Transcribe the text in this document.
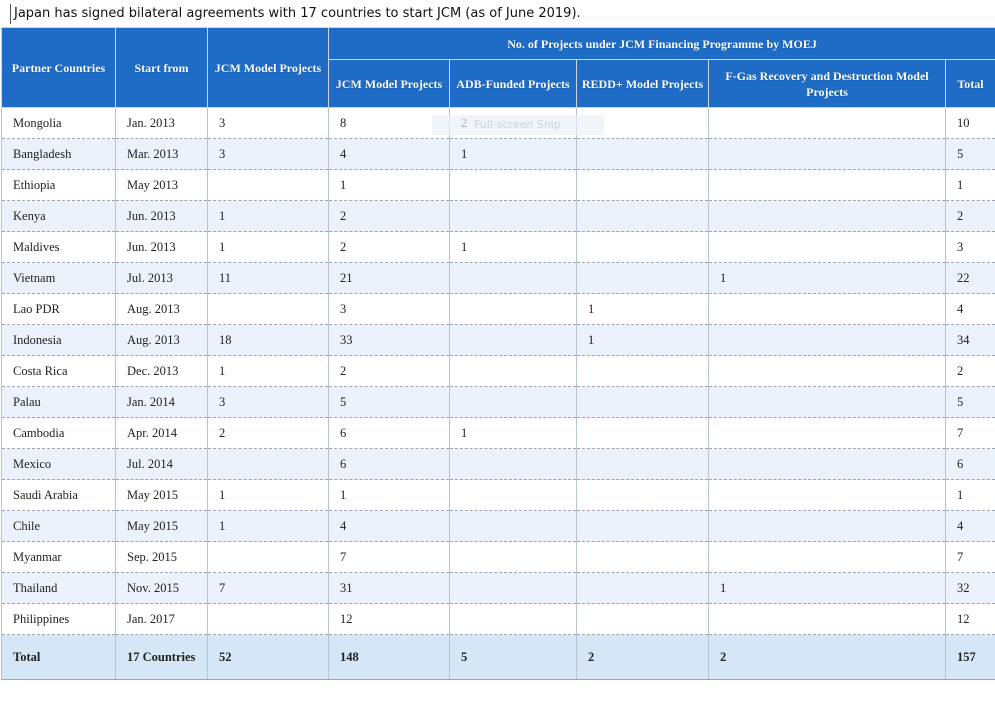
Japan has signed bilateral agreements with 17 countries to start JCM (as of June 2019).
Partner Countries	Start from	JCM Model Projects	No. of Projects under JCM Financing Programme by MOEJ				
			JCM Model Projects	ADB-Funded Projects	REDD+ Model Projects	F-Gas Recovery and Destruction Model Projects	Total
Mongolia	Jan. 2013	3	8				10
Bangladesh	Mar. 2013	3	4	1			5
Ethiopia	May 2013		1				1
Kenya	Jun. 2013	1	2				2
Maldives	Jun. 2013	1	2	1			3
Vietnam	Jul. 2013	11	21			1	22
Lao PDR	Aug. 2013		3		1		4
Indonesia	Aug. 2013	18	33		1		34
Costa Rica	Dec. 2013	1	2				2
Palau	Jan. 2014	3	5				5
Cambodia	Apr. 2014	2	6	1			7
Mexico	Jul. 2014		6				6
Saudi Arabia	May 2015	1	1				1
Chile	May 2015	1	4				4
Myanmar	Sep. 2015		7				7
Thailand	Nov. 2015	7	31			1	32
Philippines	Jan. 2017		12				12
Total	17 Countries	52	148	5	2	2	157
Full-screen Snip
